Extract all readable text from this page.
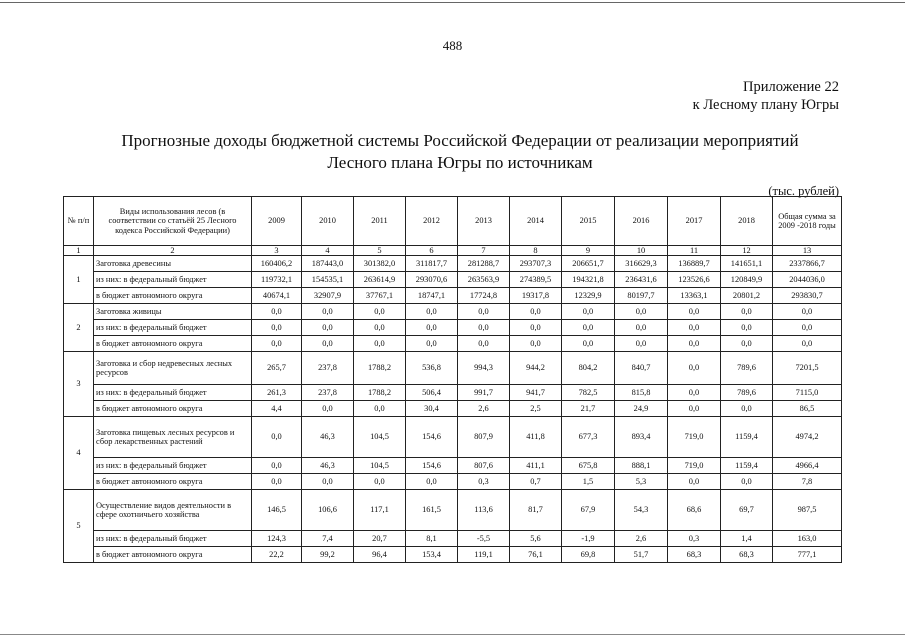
488
Приложение 22
к Лесному плану Югры
Прогнозные доходы бюджетной системы Российской Федерации от реализации мероприятий
Лесного плана Югры по источникам
(тыс. рублей)
№ п/п	Виды использования лесов (в соответствии со статьёй 25 Лесного кодекса Российской Федерации)	2009	2010	2011	2012	2013	2014	2015	2016	2017	2018	Общая сумма за 2009 -2018 годы
1	2	3	4	5	6	7	8	9	10	11	12	13
1	Заготовка древесины	160406,2	187443,0	301382,0	311817,7	281288,7	293707,3	206651,7	316629,3	136889,7	141651,1	2337866,7
	из них: в федеральный бюджет	119732,1	154535,1	263614,9	293070,6	263563,9	274389,5	194321,8	236431,6	123526,6	120849,9	2044036,0
	в бюджет автономного округа	40674,1	32907,9	37767,1	18747,1	17724,8	19317,8	12329,9	80197,7	13363,1	20801,2	293830,7
2	Заготовка живицы	0,0	0,0	0,0	0,0	0,0	0,0	0,0	0,0	0,0	0,0	0,0
	из них: в федеральный бюджет	0,0	0,0	0,0	0,0	0,0	0,0	0,0	0,0	0,0	0,0	0,0
	в бюджет автономного округа	0,0	0,0	0,0	0,0	0,0	0,0	0,0	0,0	0,0	0,0	0,0
3	Заготовка и сбор недревесных лесных ресурсов	265,7	237,8	1788,2	536,8	994,3	944,2	804,2	840,7	0,0	789,6	7201,5
	из них: в федеральный бюджет	261,3	237,8	1788,2	506,4	991,7	941,7	782,5	815,8	0,0	789,6	7115,0
	в бюджет автономного округа	4,4	0,0	0,0	30,4	2,6	2,5	21,7	24,9	0,0	0,0	86,5
4	Заготовка пищевых лесных ресурсов и сбор лекарственных растений	0,0	46,3	104,5	154,6	807,9	411,8	677,3	893,4	719,0	1159,4	4974,2
	из них: в федеральный бюджет	0,0	46,3	104,5	154,6	807,6	411,1	675,8	888,1	719,0	1159,4	4966,4
	в бюджет автономного округа	0,0	0,0	0,0	0,0	0,3	0,7	1,5	5,3	0,0	0,0	7,8
5	Осуществление видов деятельности в сфере охотничьего хозяйства	146,5	106,6	117,1	161,5	113,6	81,7	67,9	54,3	68,6	69,7	987,5
	из них: в федеральный бюджет	124,3	7,4	20,7	8,1	-5,5	5,6	-1,9	2,6	0,3	1,4	163,0
	в бюджет автономного округа	22,2	99,2	96,4	153,4	119,1	76,1	69,8	51,7	68,3	68,3	777,1
